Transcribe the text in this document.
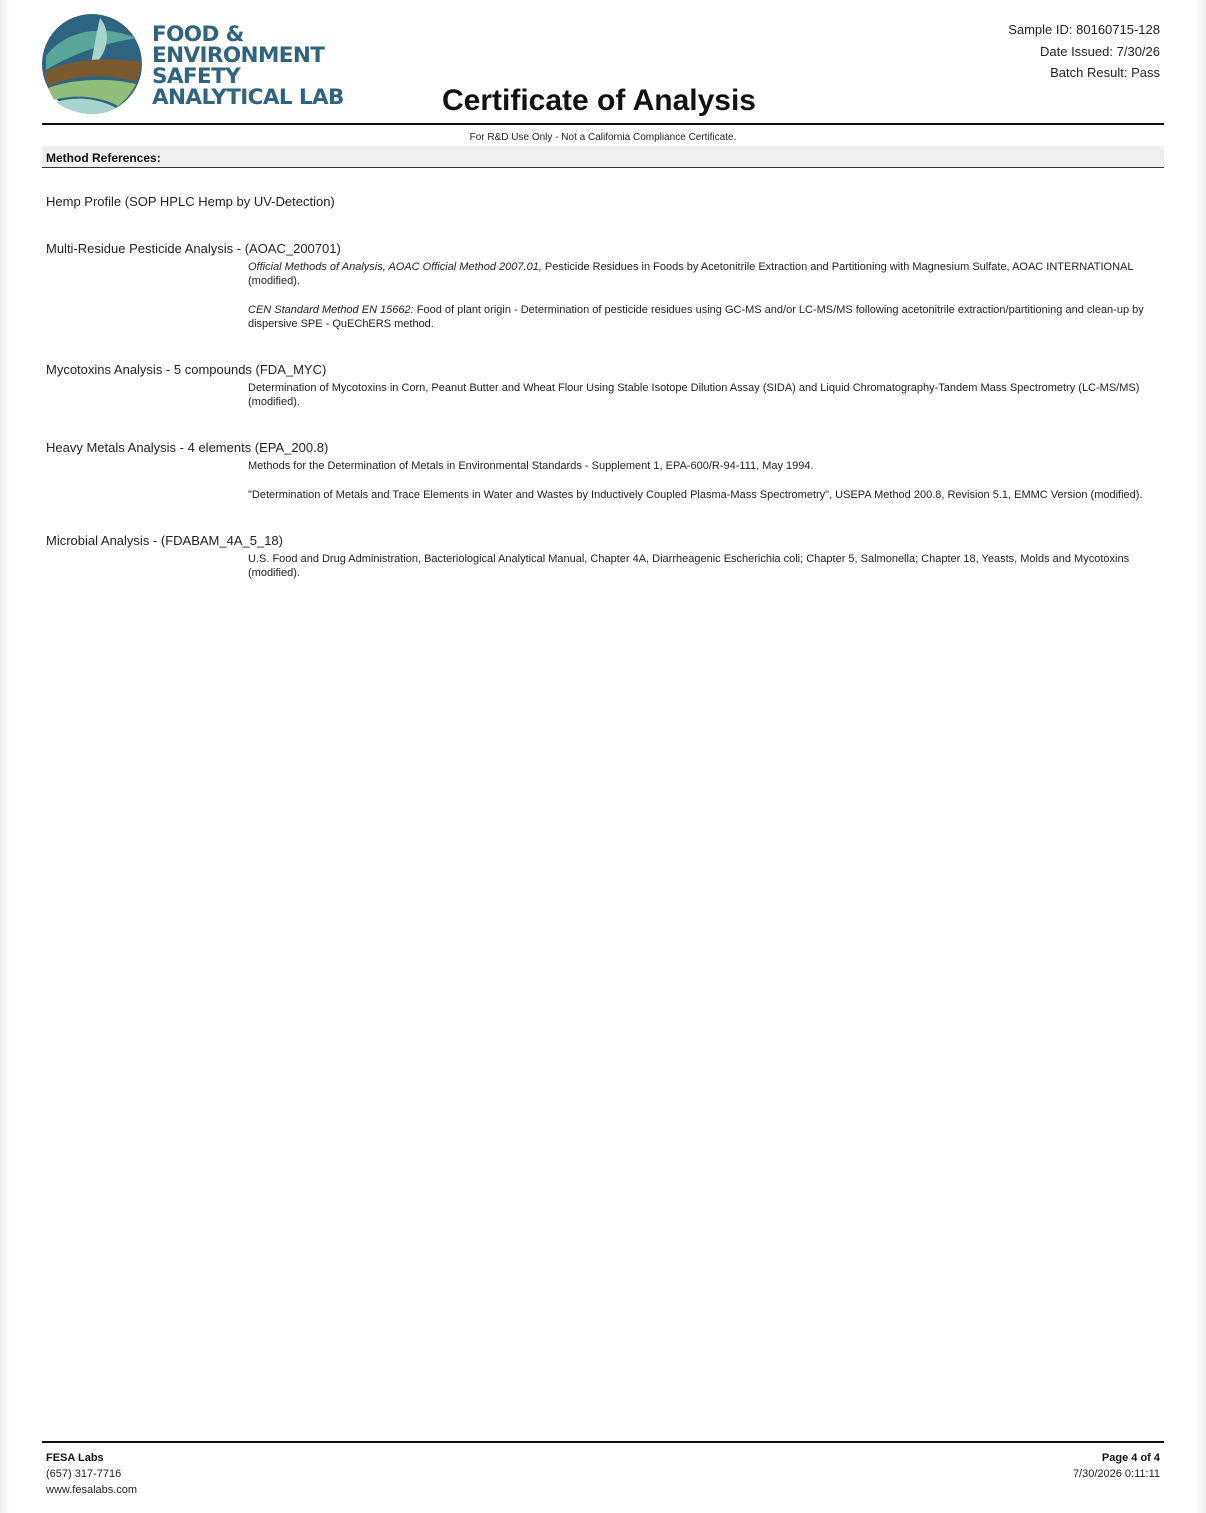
FOOD &
ENVIRONMENT
SAFETY
ANALYTICAL LAB	Certificate of Analysis
Sample ID: 80160715-128
Date Issued: 7/30/26
Batch Result: Pass
For R&D Use Only - Not a California Compliance Certificate.
Method References:
Hemp Profile (SOP HPLC Hemp by UV-Detection)
Multi-Residue Pesticide Analysis - (AOAC_200701)
Official Methods of Analysis, AOAC Official Method 2007.01, Pesticide Residues in Foods by Acetonitrile Extraction and Partitioning with Magnesium Sulfate, AOAC INTERNATIONAL (modified).
CEN Standard Method EN 15662: Food of plant origin - Determination of pesticide residues using GC-MS and/or LC-MS/MS following acetonitrile extraction/partitioning and clean-up by dispersive SPE - QuEChERS method.
Mycotoxins Analysis - 5 compounds (FDA_MYC)
Determination of Mycotoxins in Corn, Peanut Butter and Wheat Flour Using Stable Isotope Dilution Assay (SIDA) and Liquid Chromatography-Tandem Mass Spectrometry (LC-MS/MS) (modified).
Heavy Metals Analysis - 4 elements (EPA_200.8)
Methods for the Determination of Metals in Environmental Standards - Supplement 1, EPA-600/R-94-111, May 1994.
"Determination of Metals and Trace Elements in Water and Wastes by Inductively Coupled Plasma-Mass Spectrometry", USEPA Method 200.8, Revision 5.1, EMMC Version (modified).
Microbial Analysis - (FDABAM_4A_5_18)
U.S. Food and Drug Administration, Bacteriological Analytical Manual, Chapter 4A, Diarrheagenic Escherichia coli; Chapter 5, Salmonella; Chapter 18, Yeasts, Molds and Mycotoxins (modified).
FESA Labs
(657) 317-7716
www.fesalabs.com
Page 4 of 4
7/30/2026 0:11:11
